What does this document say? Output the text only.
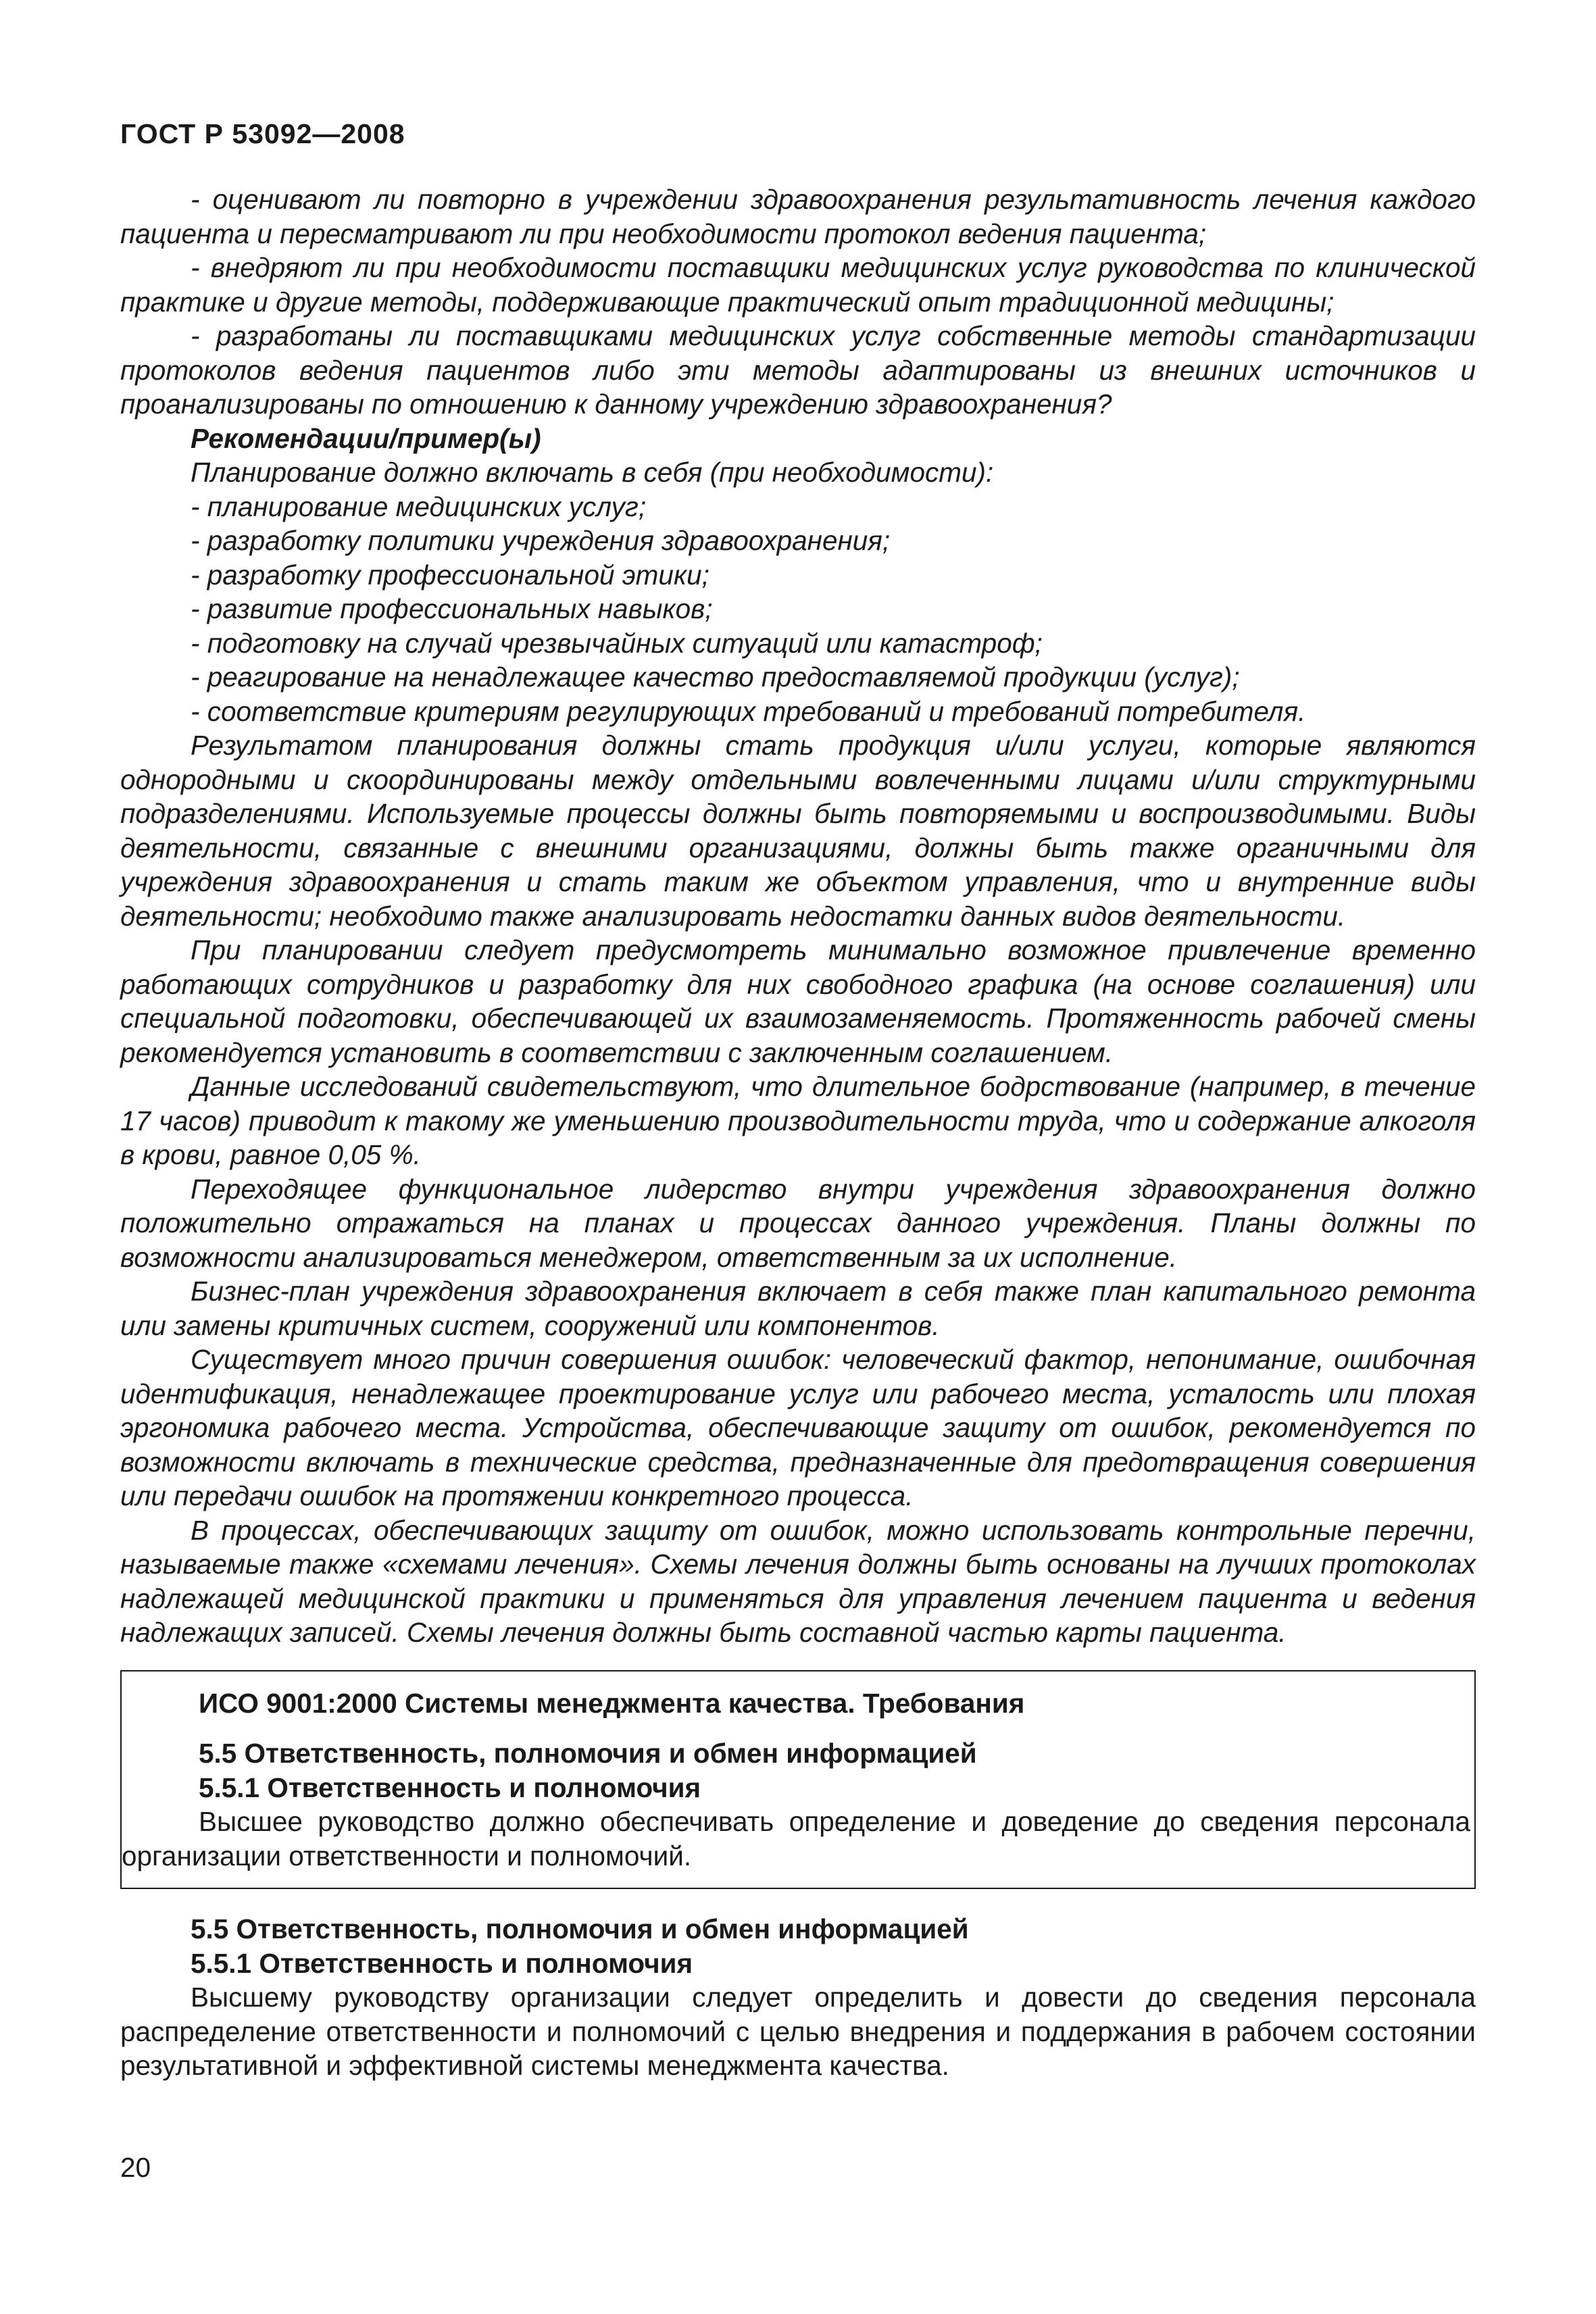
ГОСТ Р 53092—2008

- оценивают ли повторно в учреждении здравоохранения результативность лечения каждого пациента и пересматривают ли при необходимости протокол ведения пациента;

- внедряют ли при необходимости поставщики медицинских услуг руководства по клинической практике и другие методы, поддерживающие практический опыт традиционной медицины;

- разработаны ли поставщиками медицинских услуг собственные методы стандартизации протоколов ведения пациентов либо эти методы адаптированы из внешних источников и проанализированы по отношению к данному учреждению здравоохранения?

Рекомендации/пример(ы)

Планирование должно включать в себя (при необходимости):

- планирование медицинских услуг;

- разработку политики учреждения здравоохранения;

- разработку профессиональной этики;

- развитие профессиональных навыков;

- подготовку на случай чрезвычайных ситуаций или катастроф;

- реагирование на ненадлежащее качество предоставляемой продукции (услуг);

- соответствие критериям регулирующих требований и требований потребителя.

Результатом планирования должны стать продукция и/или услуги, которые являются однородными и скоординированы между отдельными вовлеченными лицами и/или структурными подразделениями. Используемые процессы должны быть повторяемыми и воспроизводимыми. Виды деятельности, связанные с внешними организациями, должны быть также органичными для учреждения здравоохранения и стать таким же объектом управления, что и внутренние виды деятельности; необходимо также анализировать недостатки данных видов деятельности.

При планировании следует предусмотреть минимально возможное привлечение временно работающих сотрудников и разработку для них свободного графика (на основе соглашения) или специальной подготовки, обеспечивающей их взаимозаменяемость. Протяженность рабочей смены рекомендуется установить в соответствии с заключенным соглашением.

Данные исследований свидетельствуют, что длительное бодрствование (например, в течение 17 часов) приводит к такому же уменьшению производительности труда, что и содержание алкоголя в крови, равное 0,05 %.

Переходящее функциональное лидерство внутри учреждения здравоохранения должно положительно отражаться на планах и процессах данного учреждения. Планы должны по возможности анализироваться менеджером, ответственным за их исполнение.

Бизнес-план учреждения здравоохранения включает в себя также план капитального ремонта или замены критичных систем, сооружений или компонентов.

Существует много причин совершения ошибок: человеческий фактор, непонимание, ошибочная идентификация, ненадлежащее проектирование услуг или рабочего места, усталость или плохая эргономика рабочего места. Устройства, обеспечивающие защиту от ошибок, рекомендуется по возможности включать в технические средства, предназначенные для предотвращения совершения или передачи ошибок на протяжении конкретного процесса.

В процессах, обеспечивающих защиту от ошибок, можно использовать контрольные перечни, называемые также «схемами лечения». Схемы лечения должны быть основаны на лучших протоколах надлежащей медицинской практики и применяться для управления лечением пациента и ведения надлежащих записей. Схемы лечения должны быть составной частью карты пациента.

ИСО 9001:2000 Системы менеджмента качества. Требования

5.5 Ответственность, полномочия и обмен информацией

5.5.1 Ответственность и полномочия

Высшее руководство должно обеспечивать определение и доведение до сведения персонала организации ответственности и полномочий.

5.5 Ответственность, полномочия и обмен информацией

5.5.1 Ответственность и полномочия

Высшему руководству организации следует определить и довести до сведения персонала распределение ответственности и полномочий с целью внедрения и поддержания в рабочем состоянии результативной и эффективной системы менеджмента качества.

20
